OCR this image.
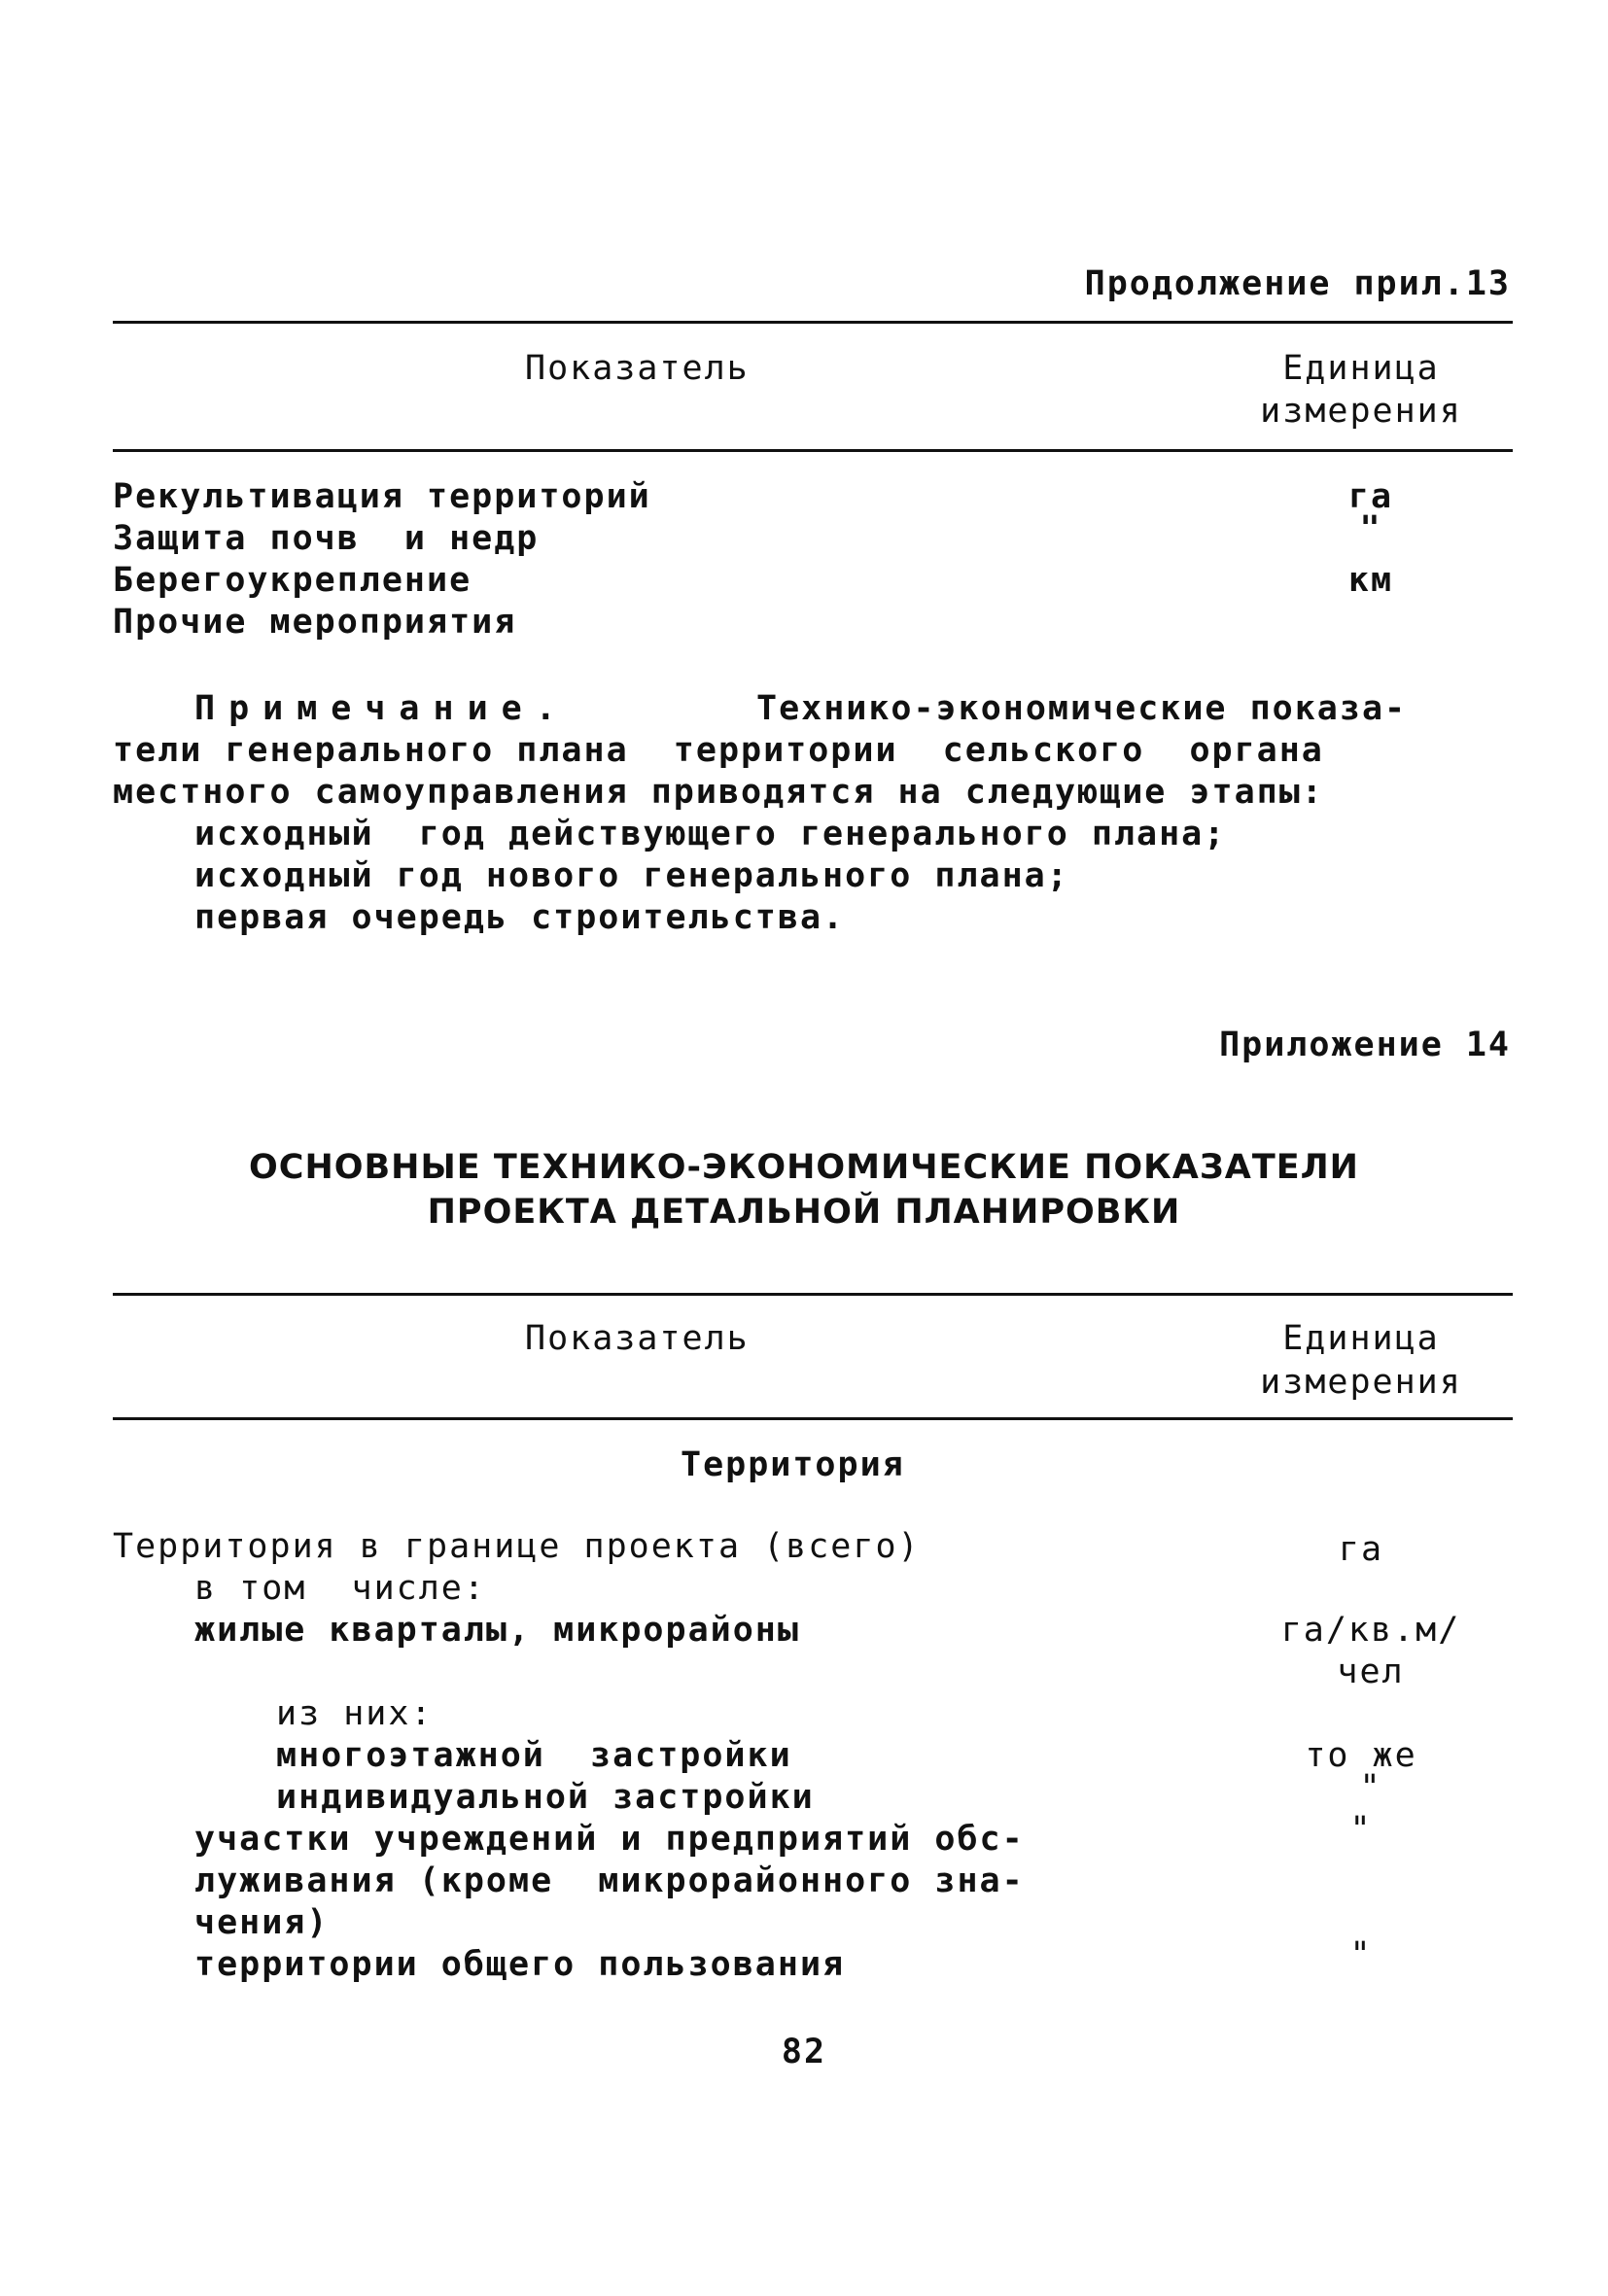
Продолжение прил.13
Показатель	Единица
измерения
Рекультивация территорий	га
Защита почв  и недр	"
Берегоукрепление	км
Прочие мероприятия
Примечание.	Технико-экономические показа-
тели генерального плана  территории  сельского  органа
местного самоуправления приводятся на следующие этапы:
исходный  год действующего генерального плана;
исходный год нового генерального плана;
первая очередь строительства.
Приложение 14
ОСНОВНЫЕ ТЕХНИКО-ЭКОНОМИЧЕСКИЕ ПОКАЗАТЕЛИ
ПРОЕКТА ДЕТАЛЬНОЙ ПЛАНИРОВКИ
Показатель	Единица
измерения
Территория
Территория в границе проекта (всего)	га
в том  числе:
жилые кварталы, микрорайоны	га/кв.м/
чел
из них:
многоэтажной  застройки	то же
индивидуальной застройки	"
участки учреждений и предприятий обс-	"
луживания (кроме  микрорайонного зна-
чения)
территории общего пользования	"
82
